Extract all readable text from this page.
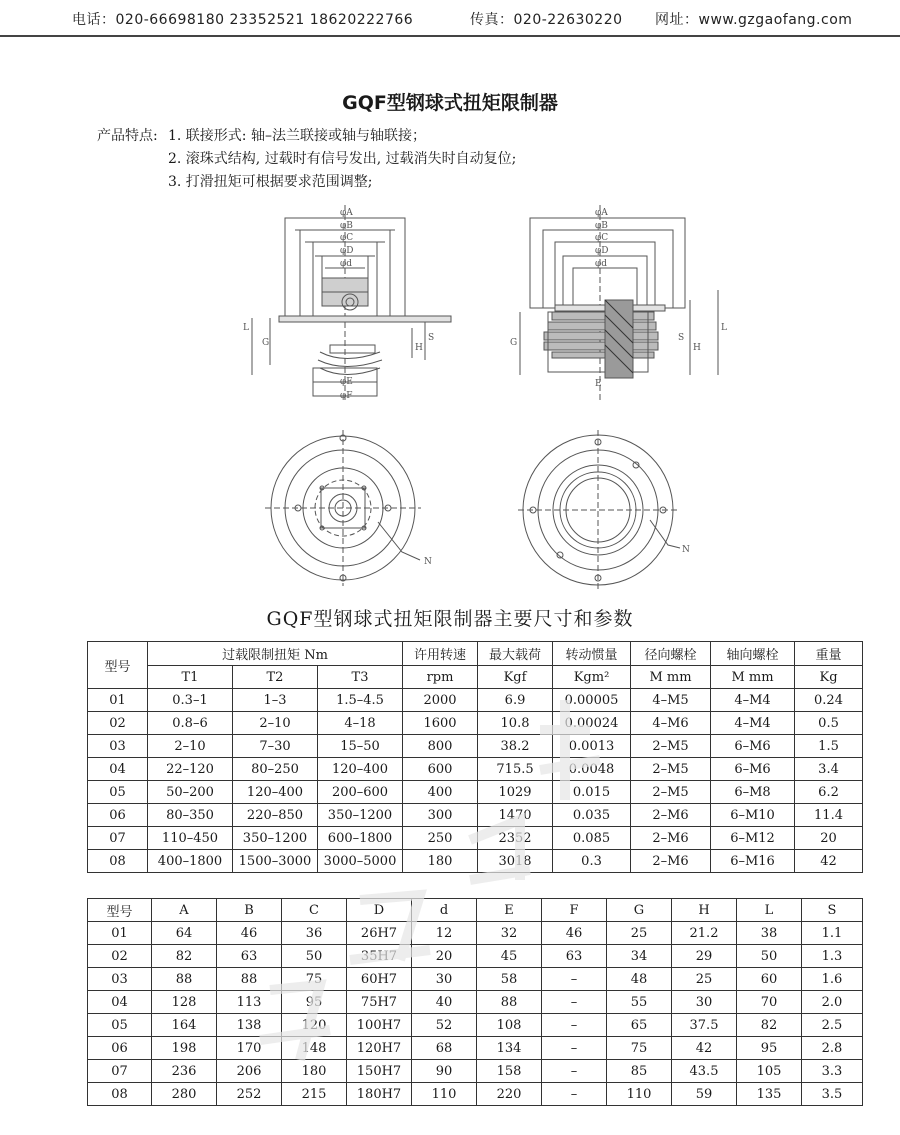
电话：020-66698180 23352521 18620222766	传真：020-22630220 网址：www.gzgaofang.com
GQF型钢球式扭矩限制器
产品特点: 1. 联接形式: 轴–法兰联接或轴与轴联接；
2. 滚珠式结构, 过载时有信号发出, 过载消失时自动复位;
3. 打滑扭矩可根据要求范围调整;
φA
φB
φC
φD
φd
φE
φF
L
G	H
S
φA
φB
φC
φD
φd
E
G	H
L
S
N
N
GQF型钢球式扭矩限制器主要尺寸和参数
型号	过载限制扭矩 Nm			许用转速	最大载荷	转动惯量	径向螺栓	轴向螺栓	重量
	T1	T2	T3	rpm	Kgf	Kgm²	M mm	M mm	Kg
01	0.3–1	1–3	1.5–4.5	2000	6.9	0.00005	4–M5	4–M4	0.24
02	0.8–6	2–10	4–18	1600	10.8	0.00024	4–M6	4–M4	0.5
03	2–10	7–30	15–50	800	38.2	0.0013	2–M5	6–M6	1.5
04	22–120	80–250	120–400	600	715.5	0.0048	2–M5	6–M6	3.4
05	50–200	120–400	200–600	400	1029	0.015	2–M5	6–M8	6.2
06	80–350	220–850	350–1200	300	1470	0.035	2–M6	6–M10	11.4
07	110–450	350–1200	600–1800	250	2352	0.085	2–M6	6–M12	20
08	400–1800	1500–3000	3000–5000	180	3018	0.3	2–M6	6–M16	42
型号	A	B	C	D	d	E	F	G	H	L	S
01	64	46	36	26H7	12	32	46	25	21.2	38	1.1
02	82	63	50	35H7	20	45	63	34	29	50	1.3
03	88	88	75	60H7	30	58	–	48	25	60	1.6
04	128	113	95	75H7	40	88	–	55	30	70	2.0
05	164	138	120	100H7	52	108	–	65	37.5	82	2.5
06	198	170	148	120H7	68	134	–	75	42	95	2.8
07	236	206	180	150H7	90	158	–	85	43.5	105	3.3
08	280	252	215	180H7	110	220	–	110	59	135	3.5
